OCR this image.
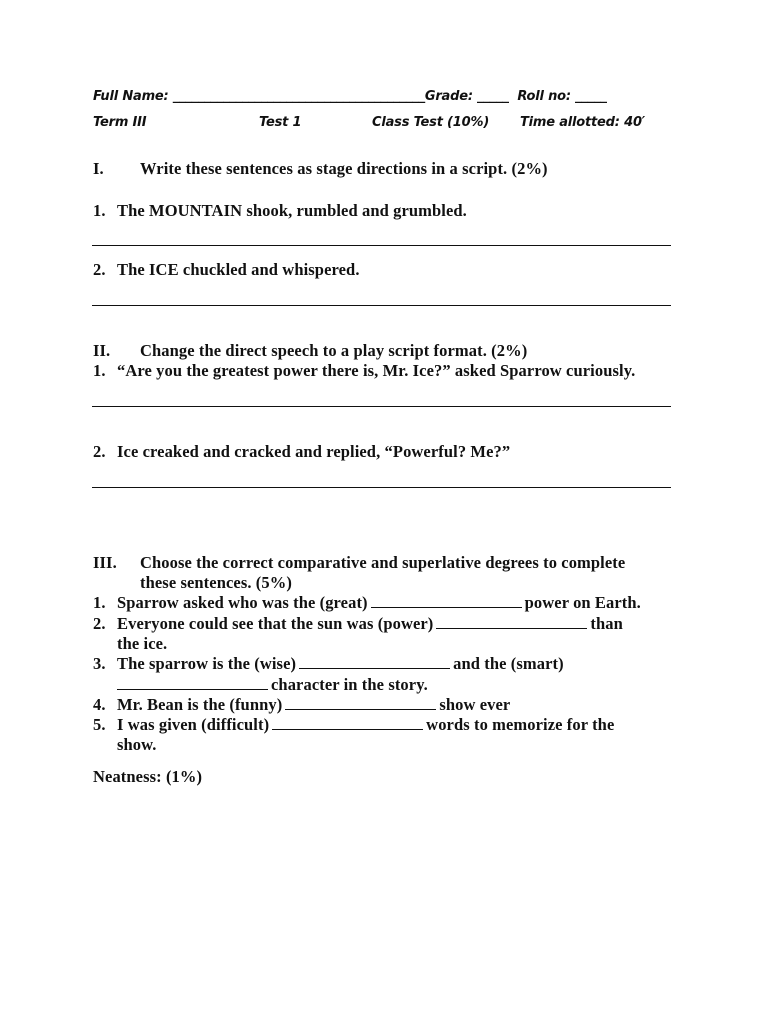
Full Name: ________________________________________Grade: _____ Roll no: _____
Term III	Test 1	Class Test (10%) Time allotted: 40′
I. Write these sentences as stage directions in a script. (2%)
1. The MOUNTAIN shook, rumbled and grumbled.
2. The ICE chuckled and whispered.
II. Change the direct speech to a play script format. (2%)
1. “Are you the greatest power there is, Mr. Ice?” asked Sparrow curiously.
2. Ice creaked and cracked and replied, “Powerful? Me?”
III. Choose the correct comparative and superlative degrees to complete
these sentences. (5%)
1. Sparrow asked who was the (great)	power on Earth.
2. Everyone could see that the sun was (power)	than
the ice.
3. The sparrow is the (wise)	and the (smart)
character in the story.
4. Mr. Bean is the (funny)	show ever
5. I was given (difficult)	words to memorize for the
show.
Neatness: (1%)
